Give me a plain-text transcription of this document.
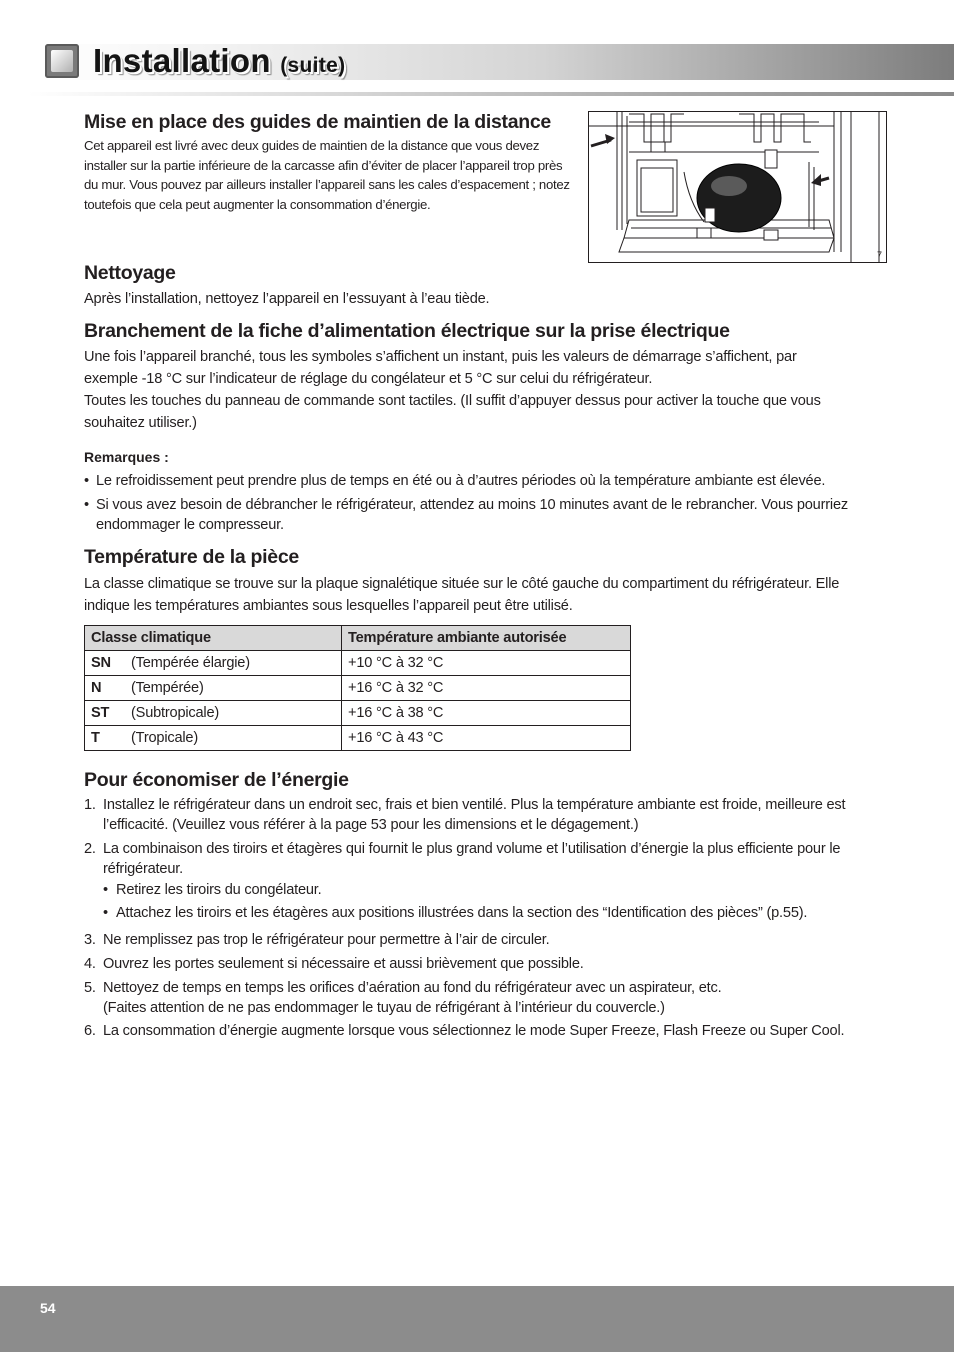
Installation (suite)
Mise en place des guides de maintien de la distance

Cet appareil est livré avec deux guides de maintien de la distance que vous devez

installer sur la partie inférieure de la carcasse afin d’éviter de placer l’appareil trop près

du mur. Vous pouvez par ailleurs installer l’appareil sans les cales d’espacement ; notez

toutefois que cela peut augmenter la consommation d’énergie.

7
Nettoyage

Après l’installation, nettoyez l’appareil en l’essuyant à l’eau tiède.

Branchement de la fiche d’alimentation électrique sur la prise électrique

Une fois l’appareil branché, tous les symboles s’affichent un instant, puis les valeurs de démarrage s’affichent, par

exemple -18 °C sur l’indicateur de réglage du congélateur et 5 °C sur celui du réfrigérateur.

Toutes les touches du panneau de commande sont tactiles. (Il suffit d’appuyer dessus pour activer la touche que vous

souhaitez utiliser.)

Remarques :

• Le refroidissement peut prendre plus de temps en été ou à d’autres périodes où la température ambiante est élevée.
• Si vous avez besoin de débrancher le réfrigérateur, attendez au moins 10 minutes avant de le rebrancher. Vous pourriez
endommager le compresseur.
Température de la pièce

La classe climatique se trouve sur la plaque signalétique située sur le côté gauche du compartiment du réfrigérateur. Elle

indique les températures ambiantes sous lesquelles l’appareil peut être utilisé.

Classe climatique	Température ambiante autorisée
SN (Tempérée élargie)	+10 °C à 32 °C
N (Tempérée)	+16 °C à 32 °C
ST (Subtropicale)	+16 °C à 38 °C
T (Tropicale)	+16 °C à 43 °C
Pour économiser de l’énergie
1. Installez le réfrigérateur dans un endroit sec, frais et bien ventilé. Plus la température ambiante est froide, meilleure est
l’efficacité. (Veuillez vous référer à la page 53 pour les dimensions et le dégagement.)
2. La combinaison des tiroirs et étagères qui fournit le plus grand volume et l’utilisation d’énergie la plus efficiente pour le
réfrigérateur.
• Retirez les tiroirs du congélateur.
• Attachez les tiroirs et les étagères aux positions illustrées dans la section des “Identification des pièces” (p.55).
3. Ne remplissez pas trop le réfrigérateur pour permettre à l’air de circuler.
4. Ouvrez les portes seulement si nécessaire et aussi brièvement que possible.
5. Nettoyez de temps en temps les orifices d’aération au fond du réfrigérateur avec un aspirateur, etc.
(Faites attention de ne pas endommager le tuyau de réfrigérant à l’intérieur du couvercle.)
6. La consommation d’énergie augmente lorsque vous sélectionnez le mode Super Freeze, Flash Freeze ou Super Cool.
54
